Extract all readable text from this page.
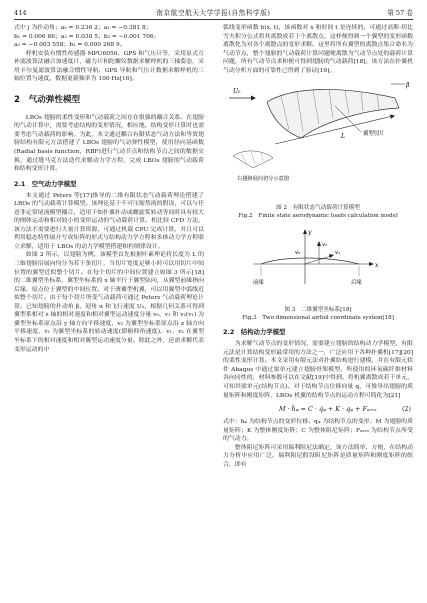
414	南京航空航天大学学报(自然科学版)	第 57 卷

式中 j 为扑动角；a₀ = 0.236 2；a₁ = −0.381 8；

b₁ = 0.006 86；a₂ = 0.030 5；b₂ = −0.001 706；

a₃ = −0.003 558；b₃ = 0.000 268 9。

样机安装有惯性传感器 MPU6050、GPS 和气压计等，采用显式互补滤波算法融合加速度计、磁力计和陀螺仪数据求解样机的三轴姿态，采用卡尔曼滤波算法融合惯性导航、GPS 导航和气压计数据求解样机的三轴位置与速度，数据更新频率为 100 Hz[16]。

2　气动弹性模型

LBOs 翅膀的柔性变形和气动载荷之间存在很强的耦合关系。在翅膀的气动计算中，需要考虑结构的变形情况，相应地，结构变形计算时也需要考虑气动载荷的影响。为此，本文通过耦合有限状态气动方法和等效翅膀结构有限元方法搭建了 LBOs 翅膀的气动弹性模型，使用径向基函数(Radial basis function，RBF)进行气动节点和结构节点之间的数据交换，通过缝马克方法迭代求解动力学方程，完成 LBOs 翅膀的气动载荷和结构变形计算。

2.1　空气动力学模型

本文通过 Peters 等[17]推导的二维有限状态气动载荷理论搭建了 LBOs 的气动载荷计算模型。该理论基于不可压缩势流的假设，可以与任意非定常尾流模型耦合，适用于如扑翼扑动或螺旋桨转动等同时具有较大的刚体运动和相对较小的变形运动的气动载荷计算。相比较 CFD 方法，该方法不需要进行大量计算资源，可通过机载 CPU 完成计算，并且可以利用稳态特性展开写成矩阵的形式与结构动力学方程和多体动力学方程联立求解，适用于 LBOs 的动力学模型搭建和控制律设计。

如图 2 所示，以翅膀为例，该模型首先根据叶素理论将长度为 L 的三维翅膀沿展向均分为若干条切片，当切片宽度足够小时可以用切片中间位置的翼型近似整个切片。在每个切片的中间位置建立如图 3 所示[18]的二维翼型坐标系，翼型坐标系的 x 轴平行于翼型弦向，从翼型前缘指向后缘，原点位于翼型的中间位置。对于薄翼型机翼，可以用翼型中弧线近似整个切片。由于每个切片所受气动载荷可通过 Peters 气动载荷理论计算。已知翅膀的扑动角 β，迎角 α 和飞行速度 U₀，根据几何关系可得到翼型系相对 z 轴的相对速度和相对翼型运动速度分量 v₀、v₁ 和 v₂(v₁) 为翼型坐标系原点沿 y 轴方向平移速度，v₂ 为翼型坐标系原点沿 z 轴方向平移速度，v₁ 为翼型坐标系的转动速度(即俯仰角速度)。v₁，v₂ 在翼型坐标系下的相对速度和相对翼型运动速度分量。除此之外，还需求解代表变形运动的中

弧线变形函数 h(x, t)，该函数对 x 和时间 t 是连续的，可通过高斯-切比雪夫积分公式将其离散成若干个离散点，这样便得到一个翼型的变形函数离散化为对各个离散点的变形求解。这里将所有翼型的离散点集合命名为气动节点，整个翅膀的气动载荷计算问题便离散为气动节点处的载荷计算问题，所有气动节点求和便可得到翅膀的气动载荷[18]。该方法在扑翼机气动分析方面的可靠性已得到了验证[19]。

U₀
L	翼型切片
β
右翅膀展向切分示意图

图 2　有限状态气动载荷计算模型

Fig.2　Finite state aerodynamic loads calculation model

y
x
v₁
v₂
v₀
前缘	后缘

图 3　二维翼型坐标系[18]

Fig.3　Two dimensional airfoil coordinate system[18]

2.2　结构动力学模型

为求解气动节点的变形情况，需要建立翅膀的结构动力学模型。有限元法是计算结构变形最常用的方法之一，广泛应用于各种扑翼机[17][20]的柔性变形计算。本文采用有限元法对扑翼结构进行建模，并在有限元软件 Abaqus 中通过梁单元建立翅膀骨架模型。所使用的环氧碳纤维材料各向同性的，材料参数可以在文献[19]中得到。将机翼离散成若干单元，可知其梁单元(结构节点)。对于结构节点位移向量 q，可推导出翅膀的质量矩阵和刚度矩阵，LBOs 机翼的结构节点的运动方程可简化为[21]

M · ḧᵩ = C · q̇ᵩ + K · qᵩ + Fₐₑᵣₒ	(2)

式中：hᵩ 为结构节点的变形位移；qᵩ 为结构节点的变形；M 为翅膀的质量矩阵；K 为整体刚度矩阵；C 为整体阻尼矩阵；Fₐₑᵣₒ 为结构节点所受的气动力。

整体阻尼矩阵可采用瑞利阻尼法确定，该方法简单、方便，在结构动力分析中应用广泛。瑞利阻尼假设阻尼矩阵是质量矩阵和刚度矩阵的组合，即有
